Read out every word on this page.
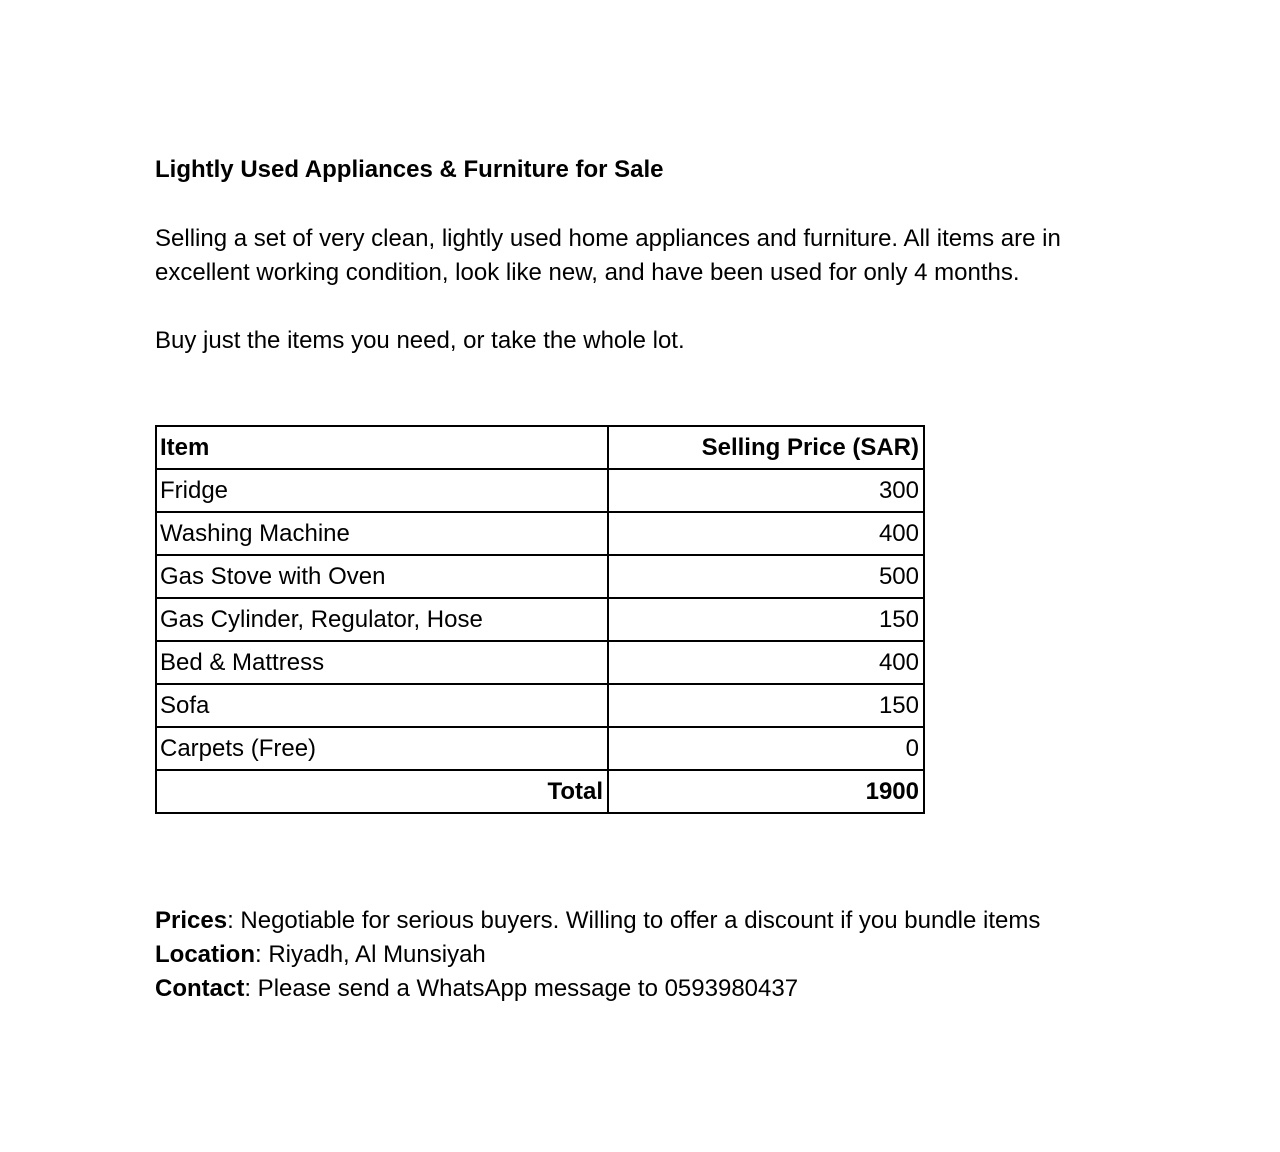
Lightly Used Appliances & Furniture for Sale

Selling a set of very clean, lightly used home appliances and furniture. All items are in excellent working condition, look like new, and have been used for only 4 months.

Buy just the items you need, or take the whole lot.

Item	Selling Price (SAR)
Fridge	300
Washing Machine	400
Gas Stove with Oven	500
Gas Cylinder, Regulator, Hose	150
Bed & Mattress	400
Sofa	150
Carpets (Free)	0
Total	1900
Prices: Negotiable for serious buyers. Willing to offer a discount if you bundle items
Location: Riyadh, Al Munsiyah
Contact: Please send a WhatsApp message to 0593980437
